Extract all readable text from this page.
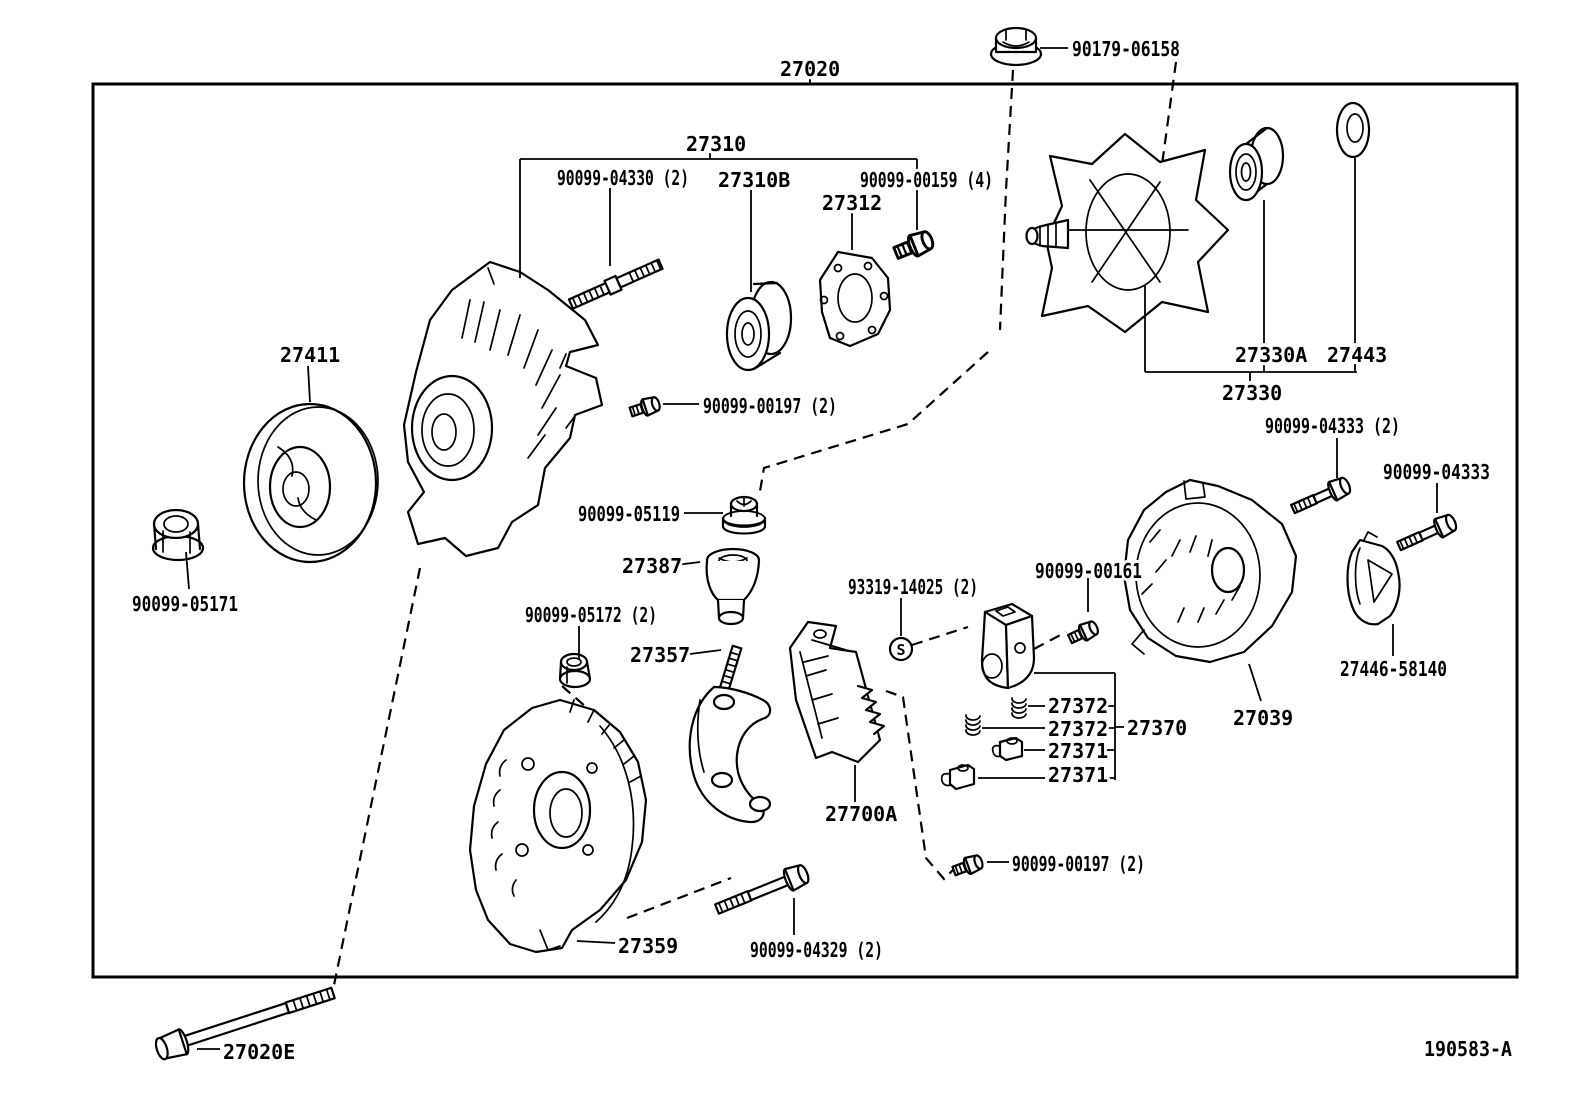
S
90179-06158
27020
27310
90099-04330 (2) 27310B	90099-00159 (4)
27312
27411
90099-05171
90099-00197 (2)
90099-05119
27387
90099-05172 (2)
27357
93319-14025 (2)
90099-00161
27372
27372
27371
27371
27370
27700A
27330A 27443
27330
90099-04333 (2)
90099-04333
27446-58140
27039
27359	90099-04329 (2)
90099-00197 (2)
27020E	190583-A
